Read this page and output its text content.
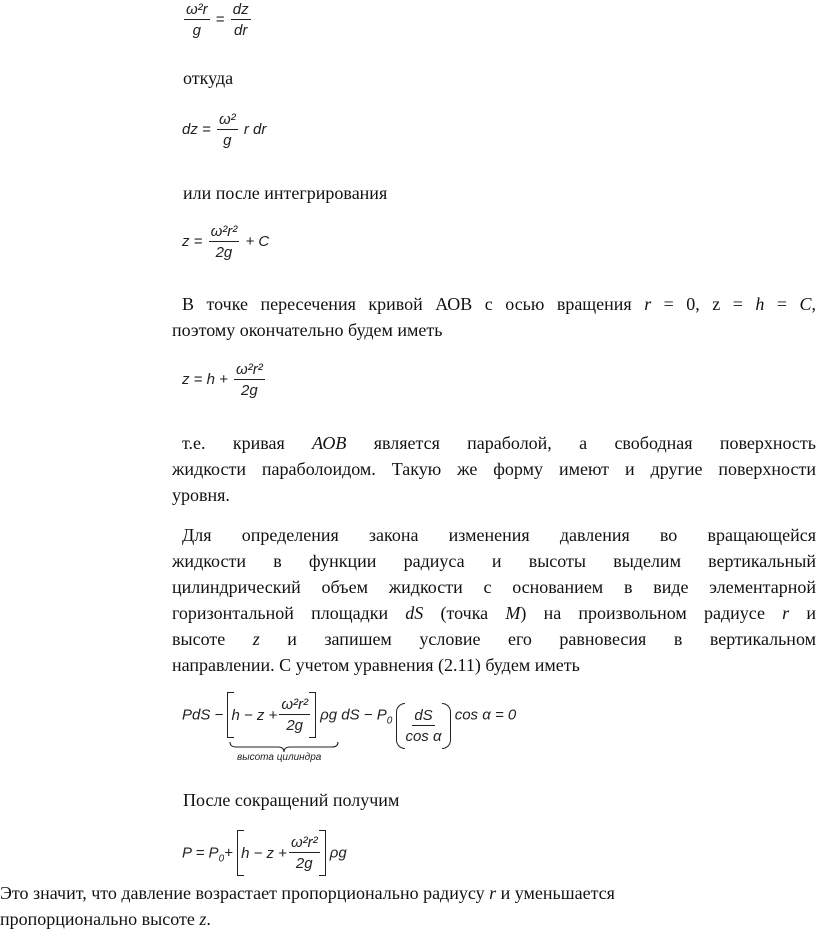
$\frac{\text{ω²r}}{g} = \frac{dz}{dr}$
откуда
dz = $\frac{\text{ω²}}{g}$ r dr
или после интегрирования
$z = \frac{\text{ω²r²}}{2g} + C$
В точке пересечения кривой АОВ с осью вращения r = 0, z = h = C,
поэтому окончательно будем иметь
$z = h + \frac{\text{ω²r²}}{2g}$
т.е. кривая АОВ является параболой, а свободная поверхность
жидкости параболоидом. Такую же форму имеют и другие поверхности
уровня.
Для определения закона изменения давления во вращающейся
жидкости в функции радиуса и высоты выделим вертикальный
цилиндрический объем жидкости с основанием в виде элементарной
горизонтальной площадки dS (точка M) на произвольном радиусе r и
высоте z и запишем условие его равновесия в вертикальном
направлении. С учетом уравнения (2.11) будем иметь
PdS − $h - z + \frac{\text{ω²r²}}{2g}$ ρg dS − $P_0 \frac{dS}{\text{cos α}}$ cos α = 0
высота цилиндра
После сокращений получим
$P = P_0+ h - z + \frac{\text{ω²r²}}{2g}$ ρg
Это значит, что давление возрастает пропорционально радиусу r и уменьшается
пропорционально высоте z.
